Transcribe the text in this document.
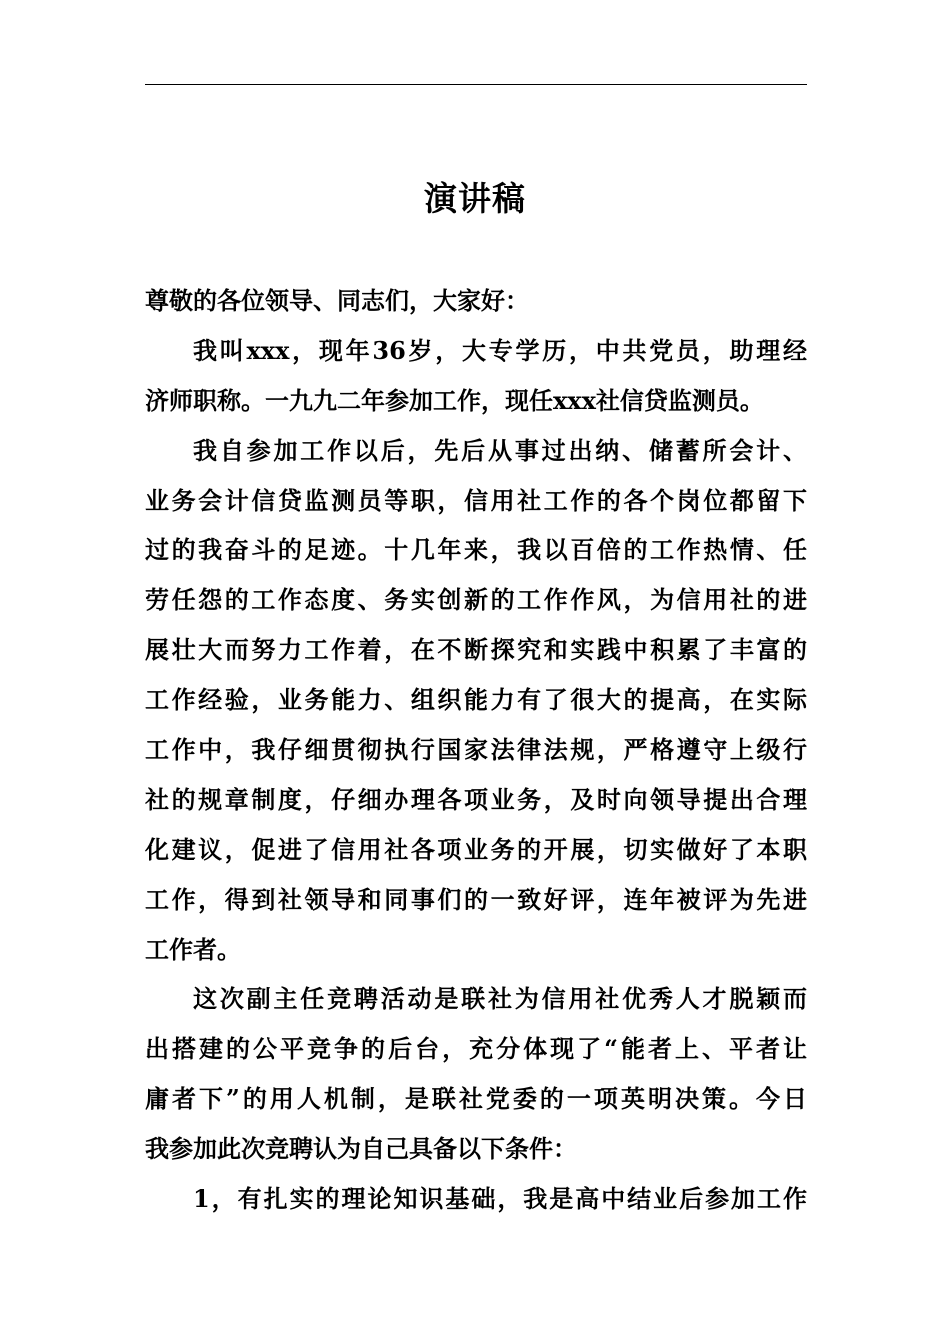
演讲稿
尊敬的各位领导、同志们，大家好：
我叫xxx，现年36岁，大专学历，中共党员，助理经
济师职称。一九九二年参加工作，现任xxx社信贷监测员。
我自参加工作以后，先后从事过出纳、储蓄所会计、
业务会计信贷监测员等职，信用社工作的各个岗位都留下
过的我奋斗的足迹。十几年来，我以百倍的工作热情、任
劳任怨的工作态度、务实创新的工作作风，为信用社的进
展壮大而努力工作着，在不断探究和实践中积累了丰富的
工作经验，业务能力、组织能力有了很大的提高，在实际
工作中，我仔细贯彻执行国家法律法规，严格遵守上级行
社的规章制度，仔细办理各项业务，及时向领导提出合理
化建议，促进了信用社各项业务的开展，切实做好了本职
工作，得到社领导和同事们的一致好评，连年被评为先进
工作者。
这次副主任竞聘活动是联社为信用社优秀人才脱颖而
出搭建的公平竞争的后台，充分体现了“能者上、平者让
庸者下”的用人机制，是联社党委的一项英明决策。今日
我参加此次竞聘认为自己具备以下条件：
1，有扎实的理论知识基础，我是高中结业后参加工作
